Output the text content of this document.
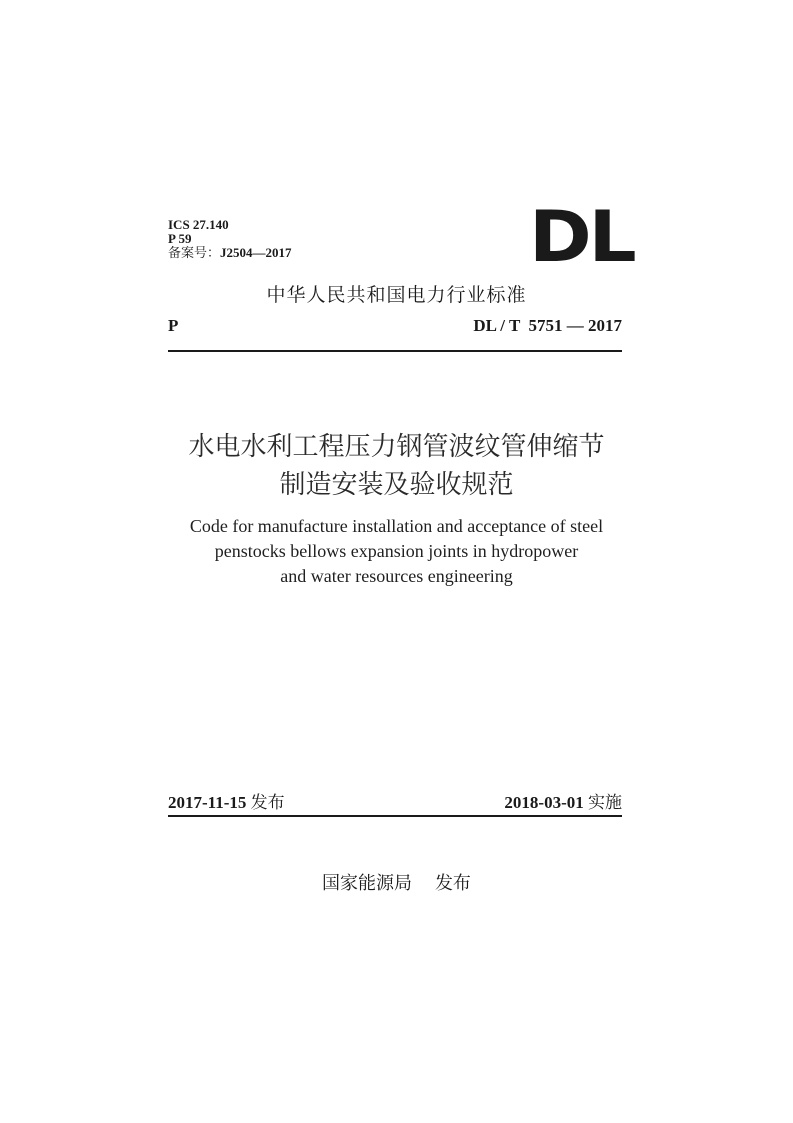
ICS 27.140
P 59
备案号：J2504—2017	DL
中华人民共和国电力行业标准
P	DL / T  5751 — 2017
水电水利工程压力钢管波纹管伸缩节
制造安装及验收规范
Code for manufacture installation and acceptance of steel
penstocks bellows expansion joints in hydropower
and water resources engineering
2017-11-15 发布	2018-03-01 实施
国家能源局 发布
